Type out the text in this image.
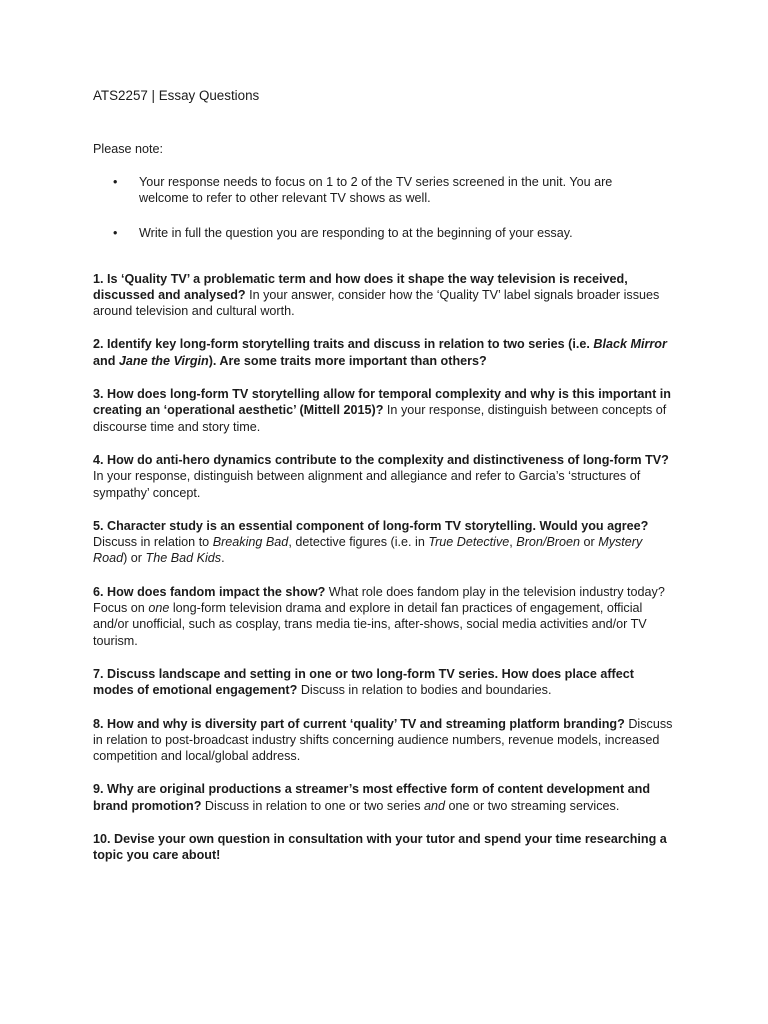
ATS2257 | Essay Questions
Please note:
• Your response needs to focus on 1 to 2 of the TV series screened in the unit. You are welcome to refer to other relevant TV shows as well.
• Write in full the question you are responding to at the beginning of your essay.

1. Is ‘Quality TV’ a problematic term and how does it shape the way television is received, discussed and analysed? In your answer, consider how the ‘Quality TV’ label signals broader issues around television and cultural worth.

2. Identify key long-form storytelling traits and discuss in relation to two series (i.e. Black Mirror and Jane the Virgin). Are some traits more important than others?

3. How does long-form TV storytelling allow for temporal complexity and why is this important in creating an ‘operational aesthetic’ (Mittell 2015)? In your response, distinguish between concepts of discourse time and story time.

4. How do anti-hero dynamics contribute to the complexity and distinctiveness of long-form TV? In your response, distinguish between alignment and allegiance and refer to Garcia’s ‘structures of sympathy’ concept.

5. Character study is an essential component of long-form TV storytelling. Would you agree? Discuss in relation to Breaking Bad, detective figures (i.e. in True Detective, Bron/Broen or Mystery Road) or The Bad Kids.

6. How does fandom impact the show? What role does fandom play in the television industry today? Focus on one long-form television drama and explore in detail fan practices of engagement, official and/or unofficial, such as cosplay, trans media tie-ins, after-shows, social media activities and/or TV tourism.

7. Discuss landscape and setting in one or two long-form TV series. How does place affect modes of emotional engagement? Discuss in relation to bodies and boundaries.

8. How and why is diversity part of current ‘quality’ TV and streaming platform branding? Discuss in relation to post-broadcast industry shifts concerning audience numbers, revenue models, increased competition and local/global address.

9. Why are original productions a streamer’s most effective form of content development and brand promotion? Discuss in relation to one or two series and one or two streaming services.

10. Devise your own question in consultation with your tutor and spend your time researching a topic you care about!
